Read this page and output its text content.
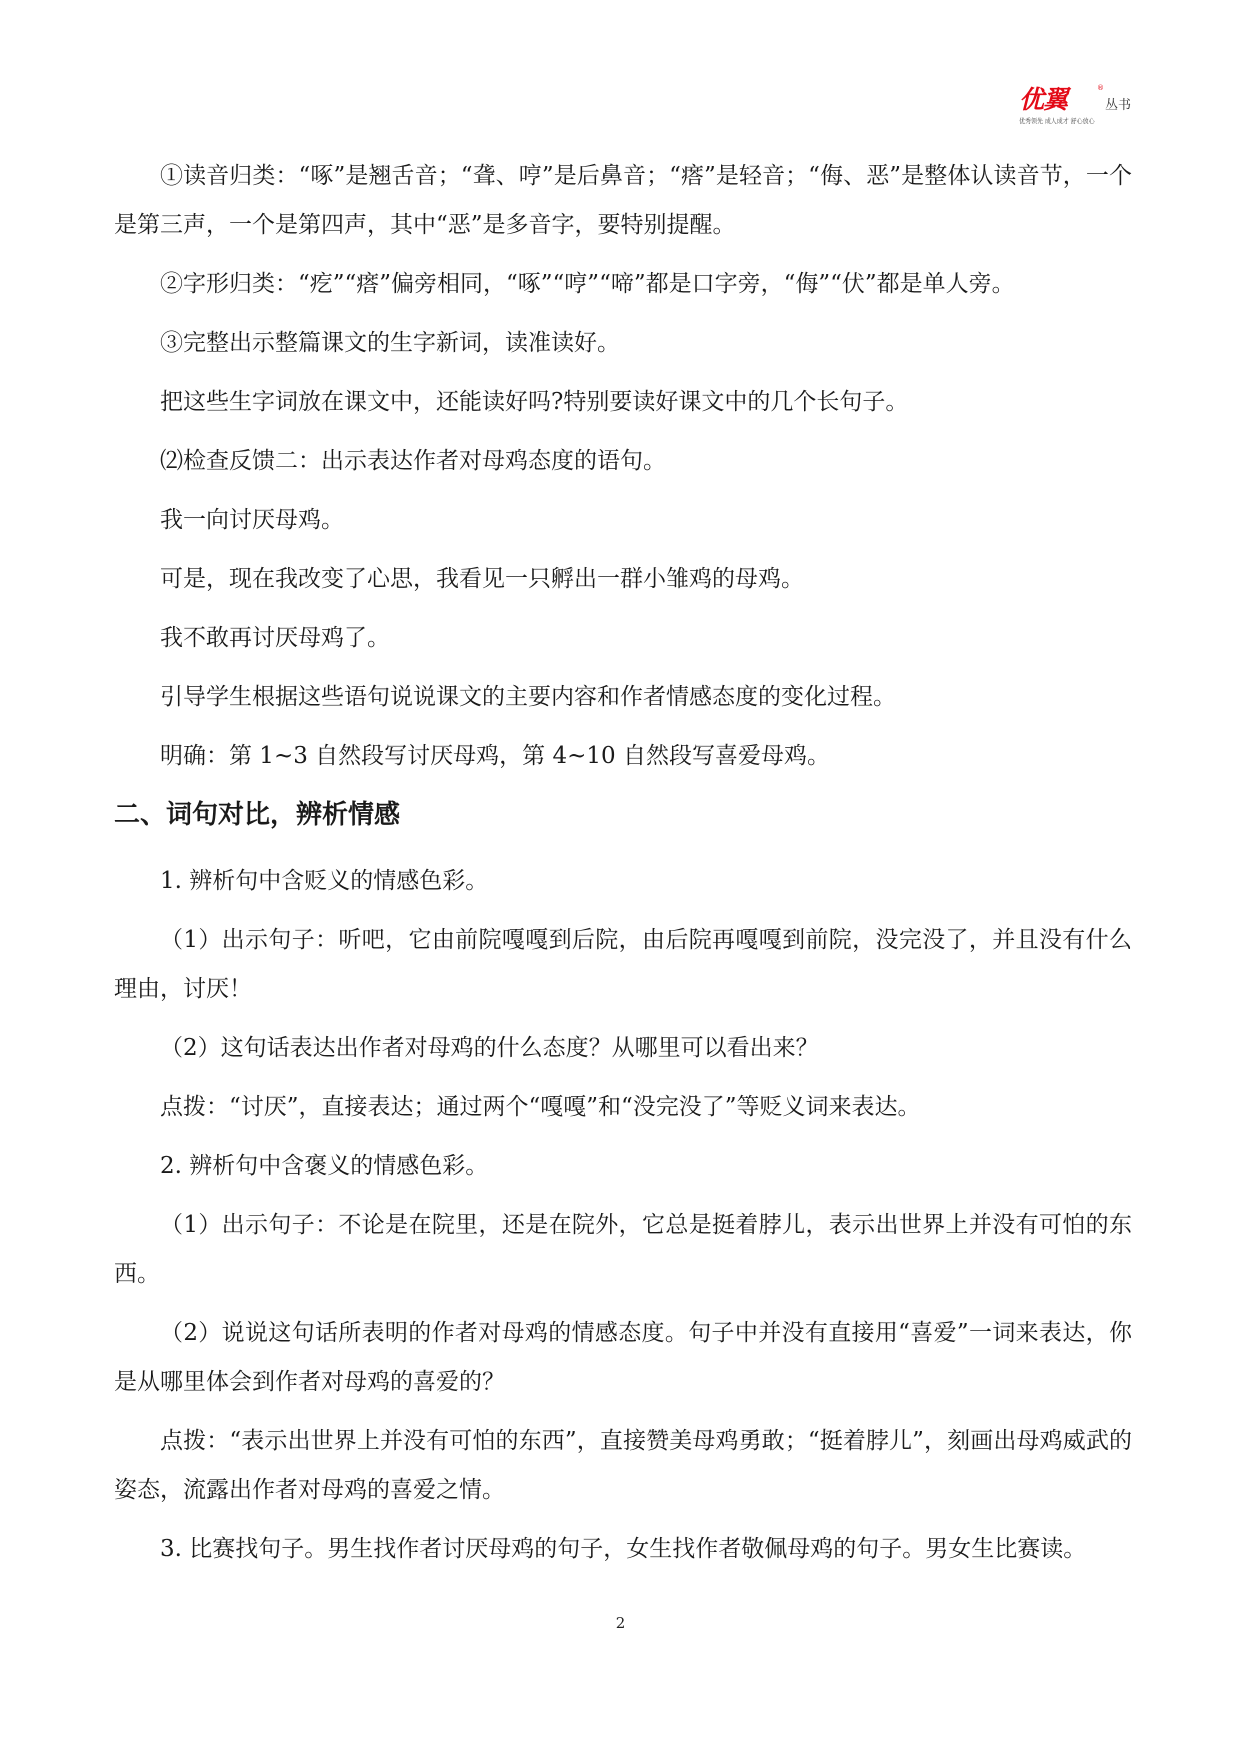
优翼	®
丛书
优秀领先 成人成才 舒心放心

①读音归类：“啄”是翘舌音；“聋、哼”是后鼻音；“瘩”是轻音；“侮、恶”是整体认读音节，一个是第三声，一个是第四声，其中“恶”是多音字，要特别提醒。

②字形归类：“疙”“瘩”偏旁相同，“啄”“哼”“啼”都是口字旁，“侮”“伏”都是单人旁。

③完整出示整篇课文的生字新词，读准读好。

把这些生字词放在课文中，还能读好吗?特别要读好课文中的几个长句子。

⑵检查反馈二：出示表达作者对母鸡态度的语句。

我一向讨厌母鸡。

可是，现在我改变了心思，我看见一只孵出一群小雏鸡的母鸡。

我不敢再讨厌母鸡了。

引导学生根据这些语句说说课文的主要内容和作者情感态度的变化过程。

明确：第 1~3 自然段写讨厌母鸡，第 4~10 自然段写喜爱母鸡。

二、词句对比，辨析情感

1. 辨析句中含贬义的情感色彩。

（1）出示句子：听吧，它由前院嘎嘎到后院，由后院再嘎嘎到前院，没完没了，并且没有什么理由，讨厌！

（2）这句话表达出作者对母鸡的什么态度？从哪里可以看出来？

点拨：“讨厌”，直接表达；通过两个“嘎嘎”和“没完没了”等贬义词来表达。

2. 辨析句中含褒义的情感色彩。

（1）出示句子：不论是在院里，还是在院外，它总是挺着脖儿，表示出世界上并没有可怕的东西。

（2）说说这句话所表明的作者对母鸡的情感态度。句子中并没有直接用“喜爱”一词来表达，你是从哪里体会到作者对母鸡的喜爱的？

点拨：“表示出世界上并没有可怕的东西”，直接赞美母鸡勇敢；“挺着脖儿”，刻画出母鸡威武的姿态，流露出作者对母鸡的喜爱之情。

3. 比赛找句子。男生找作者讨厌母鸡的句子，女生找作者敬佩母鸡的句子。男女生比赛读。

2
